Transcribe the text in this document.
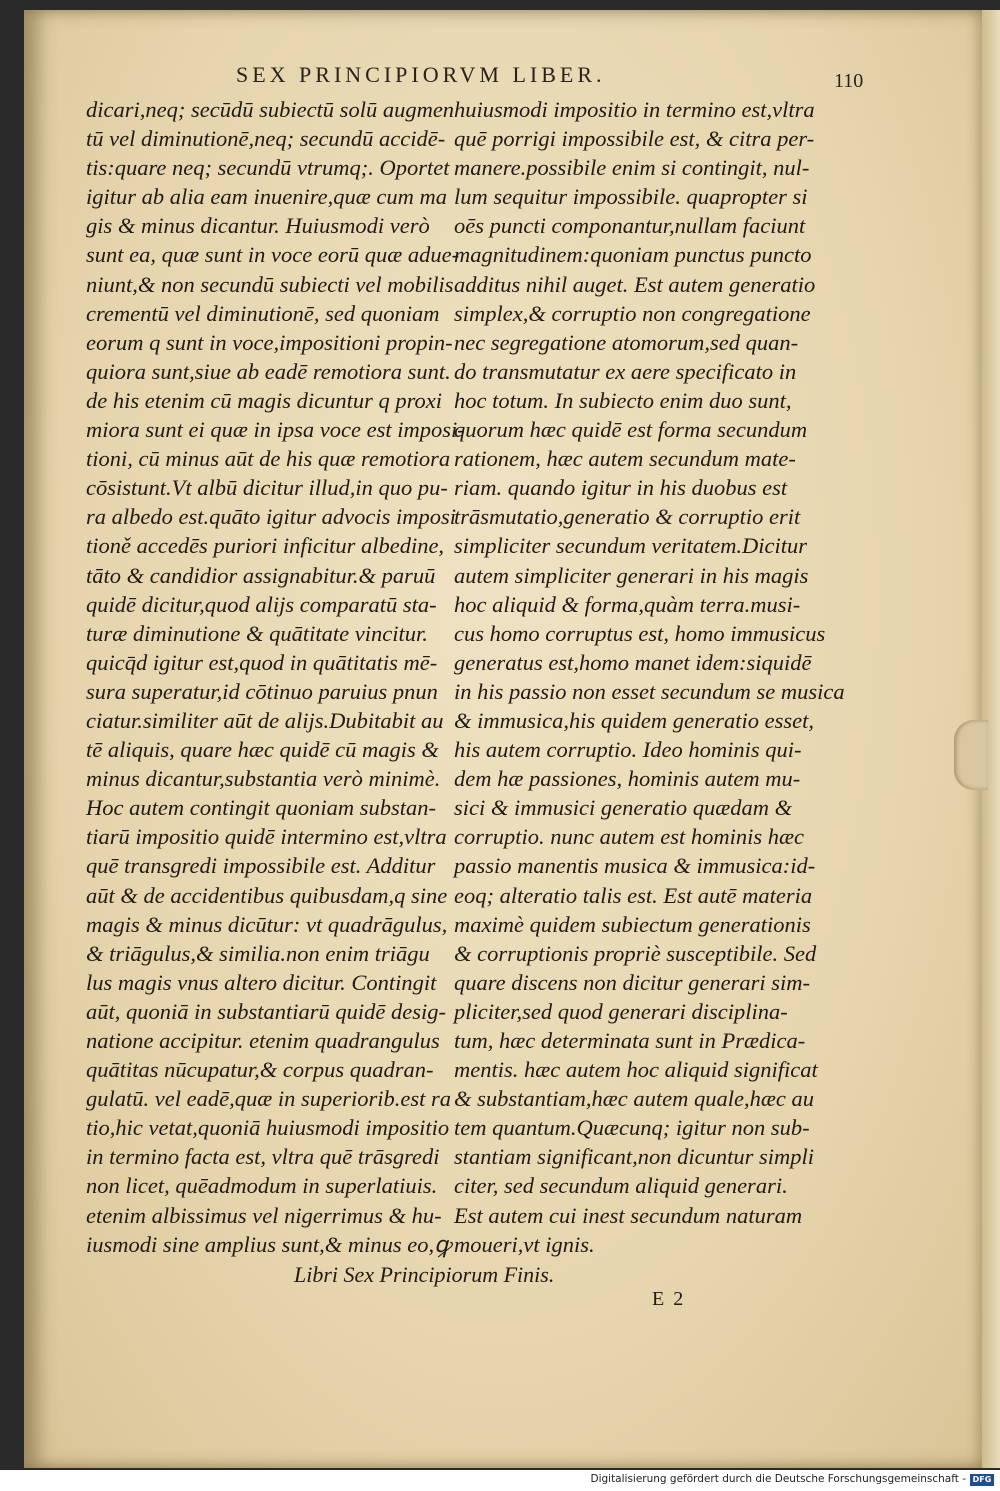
SEX PRINCIPIORVM LIBER.	110
dicari,neq; secūdū subiectū solū augmen
tū vel diminutionē,neq; secundū accidē-
tis:quare neq; secundū vtrumq;. Oportet
igitur ab alia eam inuenire,quæ cum ma
gis & minus dicantur. Huiusmodi verò
sunt ea, quæ sunt in voce eorū quæ adue-
niunt,& non secundū subiecti vel mobilis
crementū vel diminutionē, sed quoniam
eorum q sunt in voce,impositioni propin-
quiora sunt,siue ab eadē remotiora sunt.
de his etenim cū magis dicuntur q proxi
miora sunt ei quæ in ipsa voce est imposi-
tioni, cū minus aūt de his quæ remotiora
cōsistunt.Vt albū dicitur illud,in quo pu-
ra albedo est.quāto igitur advocis imposi
tioně accedēs puriori inficitur albedine,
tāto & candidior assignabitur.& paruū
quidē dicitur,quod alijs comparatū sta-
turæ diminutione & quātitate vincitur.
quicq̄d igitur est,quod in quātitatis mē-
sura superatur,id cōtinuo paruius pnun
ciatur.similiter aūt de alijs.Dubitabit au
tē aliquis, quare hæc quidē cū magis &
minus dicantur,substantia verò minimè.
Hoc autem contingit quoniam substan-
tiarū impositio quidē intermino est,vltra
quē transgredi impossibile est. Additur
aūt & de accidentibus quibusdam,q sine
magis & minus dicūtur: vt quadrāgulus,
& triāgulus,& similia.non enim triāgu
lus magis vnus altero dicitur. Contingit
aūt, quoniā in substantiarū quidē desig-
natione accipitur. etenim quadrangulus
quātitas nūcupatur,& corpus quadran-
gulatū. vel eadē,quæ in superiorib.est ra
tio,hic vetat,quoniā huiusmodi impositio
in termino facta est, vltra quē trāsgredi
non licet, quēadmodum in superlatiuis.
etenim albissimus vel nigerrimus & hu-
iusmodi sine amplius sunt,& minus eo,ꝙ
huiusmodi impositio in termino est,vltra
quē porrigi impossibile est, & citra per-
manere.possibile enim si contingit, nul-
lum sequitur impossibile. quapropter si
oēs puncti componantur,nullam faciunt
magnitudinem:quoniam punctus puncto
additus nihil auget. Est autem generatio
simplex,& corruptio non congregatione
nec segregatione atomorum,sed quan-
do transmutatur ex aere specificato in
hoc totum. In subiecto enim duo sunt,
quorum hæc quidē est forma secundum
rationem, hæc autem secundum mate-
riam. quando igitur in his duobus est
trāsmutatio,generatio & corruptio erit
simpliciter secundum veritatem.Dicitur
autem simpliciter generari in his magis
hoc aliquid & forma,quàm terra.musi-
cus homo corruptus est, homo immusicus
generatus est,homo manet idem:siquidē
in his passio non esset secundum se musica
& immusica,his quidem generatio esset,
his autem corruptio. Ideo hominis qui-
dem hæ passiones, hominis autem mu-
sici & immusici generatio quædam &
corruptio. nunc autem est hominis hæc
passio manentis musica & immusica:id-
eoq; alteratio talis est. Est autē materia
maximè quidem subiectum generationis
& corruptionis propriè susceptibile. Sed
quare discens non dicitur generari sim-
pliciter,sed quod generari disciplina-
tum, hæc determinata sunt in Prædica-
mentis. hæc autem hoc aliquid significat
& substantiam,hæc autem quale,hæc au
tem quantum.Quæcunq; igitur non sub-
stantiam significant,non dicuntur simpli
citer, sed secundum aliquid generari.
Est autem cui inest secundum naturam
moueri,vt ignis.
Libri Sex Principiorum Finis.
E 2
Digitalisierung gefördert durch die Deutsche Forschungsgemeinschaft - DFG
